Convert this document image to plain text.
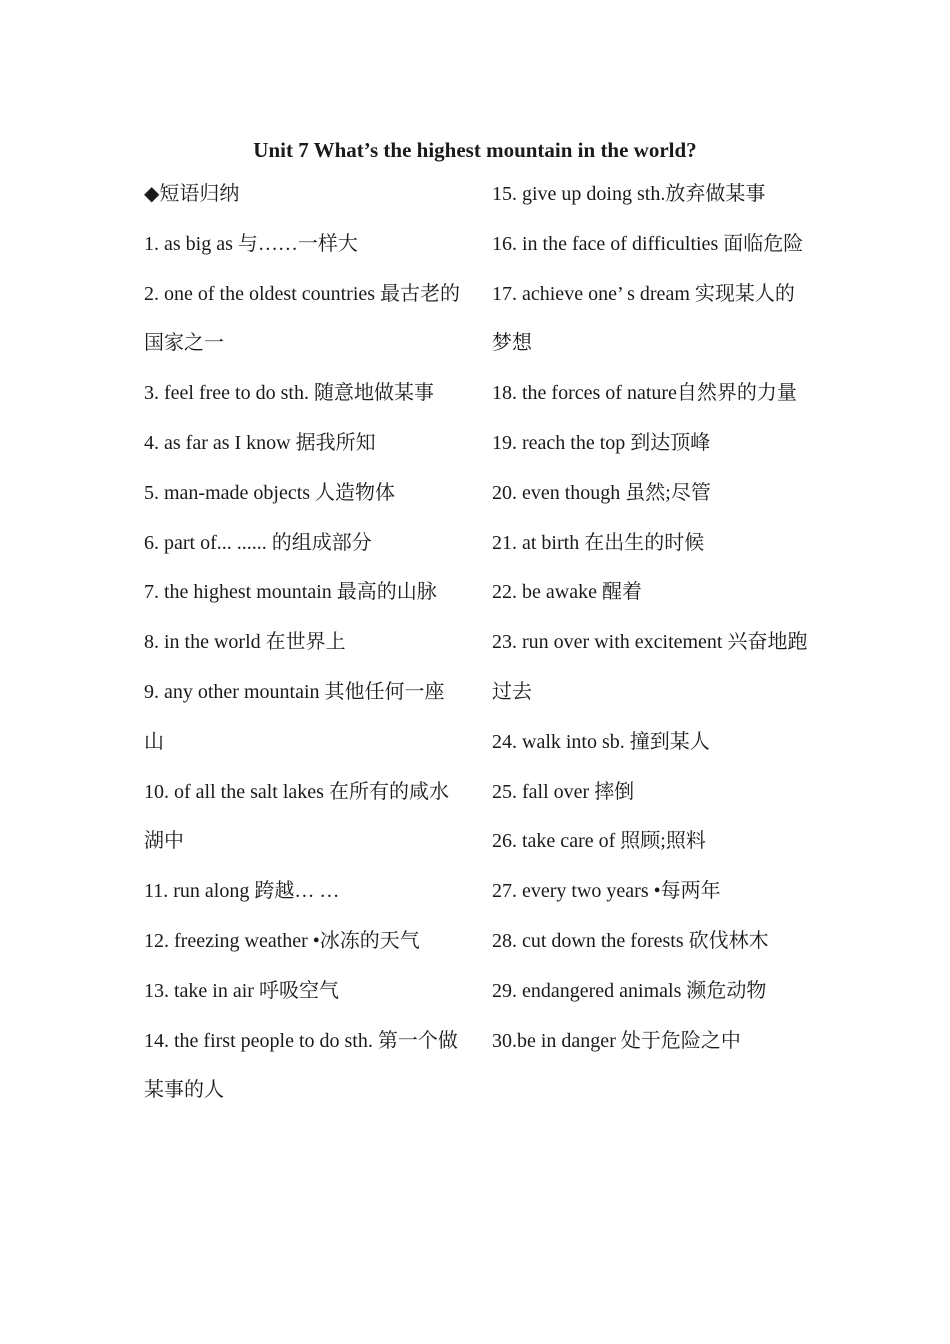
Unit 7 What’s the highest mountain in the world?
◆短语归纳
1. as big as 与……一样大
2. one of the oldest countries 最古老的国家之一
3. feel free to do sth. 随意地做某事
4. as far as I know 据我所知
5. man-made objects 人造物体
6. part of... ...... 的组成部分
7. the highest mountain 最高的山脉
8. in the world 在世界上
9. any other mountain 其他任何一座山
10. of all the salt lakes 在所有的咸水湖中
11. run along 跨越… …
12. freezing weather •冰冻的天气
13. take in air 呼吸空气
14. the first people to do sth. 第一个做某事的人
15. give up doing sth.放弃做某事
16. in the face of difficulties 面临危险
17. achieve one’ s dream 实现某人的梦想
18. the forces of nature自然界的力量
19. reach the top 到达顶峰
20. even though 虽然;尽管
21. at birth 在出生的时候
22. be awake 醒着
23. run over with excitement 兴奋地跑过去
24. walk into sb. 撞到某人
25. fall over 摔倒
26. take care of 照顾;照料
27. every two years •每两年
28. cut down the forests 砍伐林木
29. endangered animals 濒危动物
30.be in danger 处于危险之中
